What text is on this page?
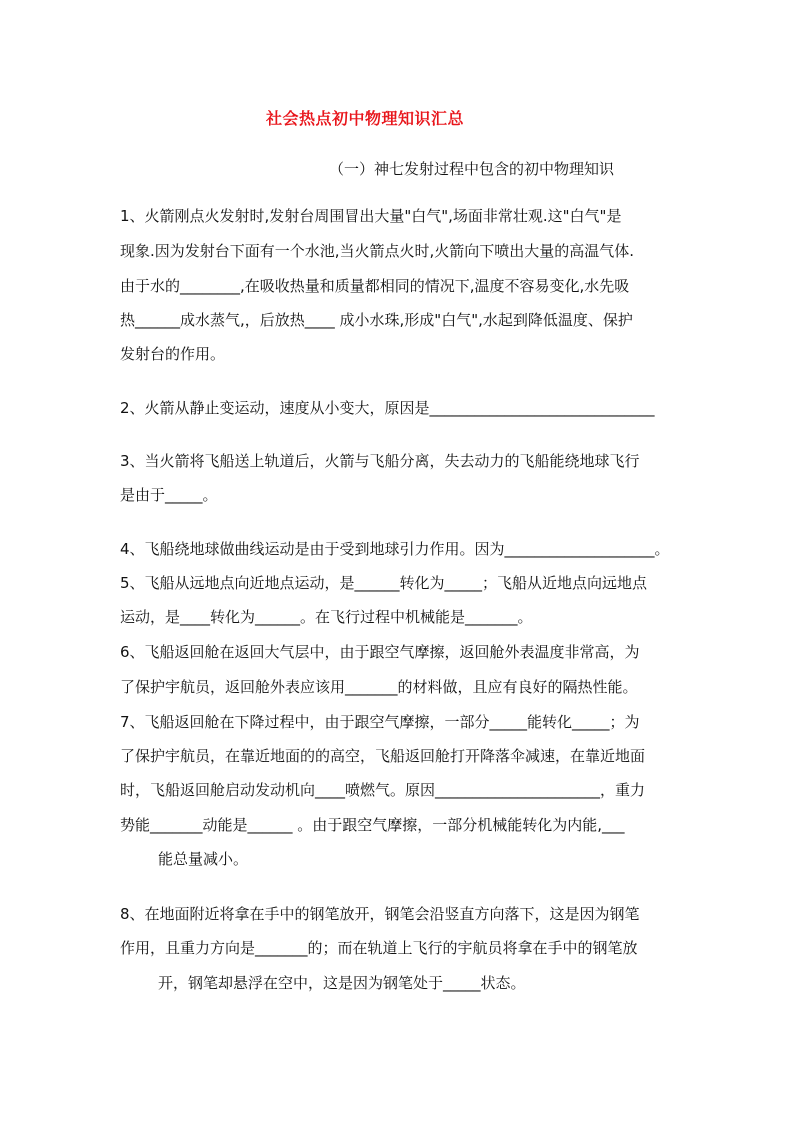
社会热点初中物理知识汇总
（一）神七发射过程中包含的初中物理知识
1、火箭刚点火发射时,发射台周围冒出大量"白气",场面非常壮观.这"白气"是
现象.因为发射台下面有一个水池,当火箭点火时,火箭向下喷出大量的高温气体.
由于水的________,在吸收热量和质量都相同的情况下,温度不容易变化,水先吸
热______成水蒸气,，后放热____ 成小水珠,形成"白气",水起到降低温度、保护
发射台的作用。
2、火箭从静止变运动，速度从小变大，原因是______________________________
3、当火箭将飞船送上轨道后，火箭与飞船分离，失去动力的飞船能绕地球飞行
是由于_____。
4、飞船绕地球做曲线运动是由于受到地球引力作用。因为____________________。
5、飞船从远地点向近地点运动，是______转化为_____；飞船从近地点向远地点
运动，是____转化为______。在飞行过程中机械能是_______。
6、飞船返回舱在返回大气层中，由于跟空气摩擦，返回舱外表温度非常高，为
了保护宇航员，返回舱外表应该用_______的材料做，且应有良好的隔热性能。
7、飞船返回舱在下降过程中，由于跟空气摩擦，一部分_____能转化_____；为
了保护宇航员，在靠近地面的的高空，飞船返回舱打开降落伞减速，在靠近地面
时，飞船返回舱启动发动机向____喷燃气。原因______________________，重力
势能_______动能是______ 。由于跟空气摩擦，一部分机械能转化为内能,___
能总量减小。
8、在地面附近将拿在手中的钢笔放开，钢笔会沿竖直方向落下，这是因为钢笔
作用，且重力方向是_______的；而在轨道上飞行的宇航员将拿在手中的钢笔放
开，钢笔却悬浮在空中，这是因为钢笔处于_____状态。
